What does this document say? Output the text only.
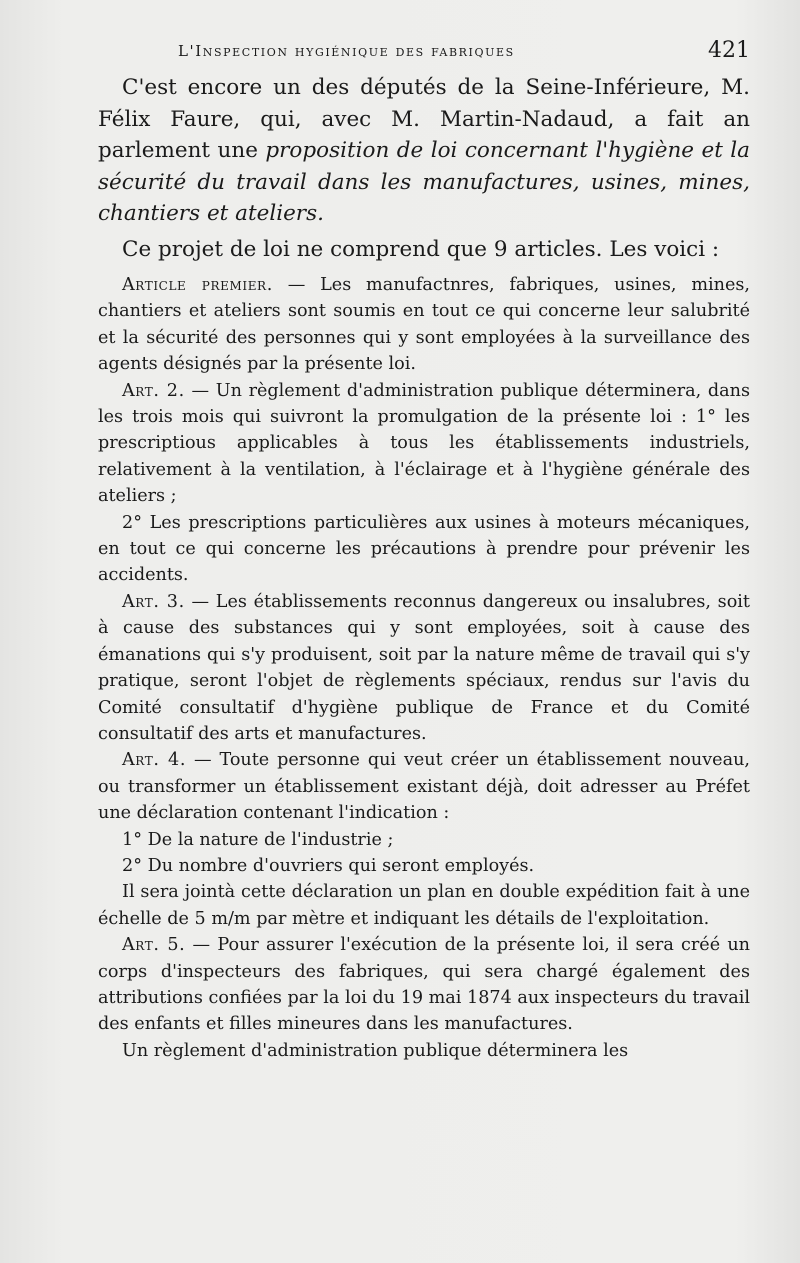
L'Inspection hygiénique des fabriques	421

C'est encore un des députés de la Seine-Inférieure, M. Félix Faure, qui, avec M. Martin-Nadaud, a fait an parlement une proposition de loi concernant l'hygiène et la sécurité du travail dans les manufactures, usines, mines, chantiers et ateliers.

Ce projet de loi ne comprend que 9 articles. Les voici :

Article premier. — Les manufactnres, fabriques, usines, mines, chantiers et ateliers sont soumis en tout ce qui concerne leur salubrité et la sécurité des personnes qui y sont employées à la surveillance des agents désignés par la présente loi.

Art. 2. — Un règlement d'administration publique déterminera, dans les trois mois qui suivront la promulgation de la présente loi : 1° les prescriptious applicables à tous les établissements industriels, relativement à la ventilation, à l'éclairage et à l'hygiène générale des ateliers ;

2° Les prescriptions particulières aux usines à moteurs mécaniques, en tout ce qui concerne les précautions à prendre pour prévenir les accidents.

Art. 3. — Les établissements reconnus dangereux ou insalubres, soit à cause des substances qui y sont employées, soit à cause des émanations qui s'y produisent, soit par la nature même de travail qui s'y pratique, seront l'objet de règlements spéciaux, rendus sur l'avis du Comité consultatif d'hygiène publique de France et du Comité consultatif des arts et manufactures.

Art. 4. — Toute personne qui veut créer un établissement nouveau, ou transformer un établissement existant déjà, doit adresser au Préfet une déclaration contenant l'indication :

1° De la nature de l'industrie ;

2° Du nombre d'ouvriers qui seront employés.

Il sera jointà cette déclaration un plan en double expédition fait à une échelle de 5 m/m par mètre et indiquant les détails de l'exploitation.

Art. 5. — Pour assurer l'exécution de la présente loi, il sera créé un corps d'inspecteurs des fabriques, qui sera chargé également des attributions confiées par la loi du 19 mai 1874 aux inspecteurs du travail des enfants et filles mineures dans les manufactures.

Un règlement d'administration publique déterminera les
